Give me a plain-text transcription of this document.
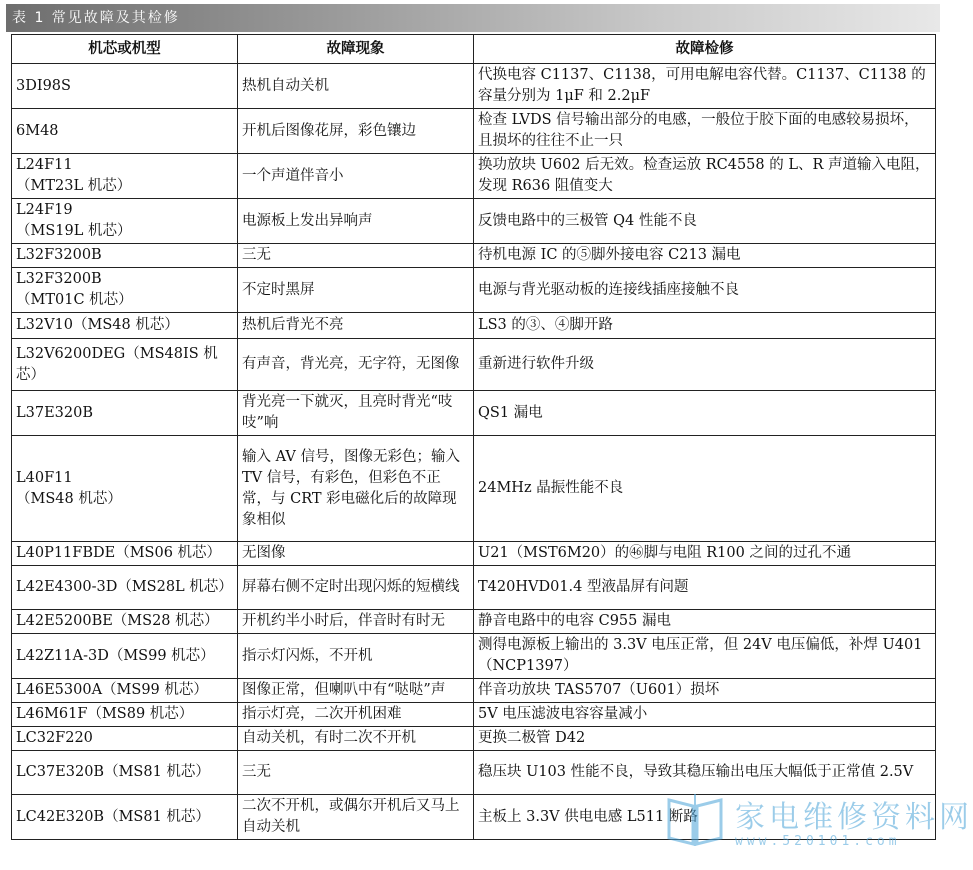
表 1 常见故障及其检修
机芯或机型	故障现象	故障检修
3DI98S	热机自动关机	代换电容 C1137、C1138，可用电解电容代替。C1137、C1138 的容量分别为 1μF 和 2.2μF
6M48	开机后图像花屏，彩色镶边	检查 LVDS 信号输出部分的电感，一般位于胶下面的电感较易损坏，且损坏的往往不止一只
L24F11
（MT23L 机芯）	一个声道伴音小	换功放块 U602 后无效。检查运放 RC4558 的 L、R 声道输入电阻，发现 R636 阻值变大
L24F19
（MS19L 机芯）	电源板上发出异响声	反馈电路中的三极管 Q4 性能不良
L32F3200B	三无	待机电源 IC 的⑤脚外接电容 C213 漏电
L32F3200B
（MT01C 机芯）	不定时黑屏	电源与背光驱动板的连接线插座接触不良
L32V10（MS48 机芯）	热机后背光不亮	LS3 的③、④脚开路
L32V6200DEG（MS48IS 机芯）	有声音，背光亮，无字符，无图像	重新进行软件升级
L37E320B	背光亮一下就灭，且亮时背光“吱吱”响	QS1 漏电
L40F11
（MS48 机芯）	输入 AV 信号，图像无彩色；输入 TV 信号，有彩色，但彩色不正常，与 CRT 彩电磁化后的故障现象相似	24MHz 晶振性能不良
L40P11FBDE（MS06 机芯）	无图像	U21（MST6M20）的㊻脚与电阻 R100 之间的过孔不通
L42E4300-3D（MS28L 机芯）	屏幕右侧不定时出现闪烁的短横线	T420HVD01.4 型液晶屏有问题
L42E5200BE（MS28 机芯）	开机约半小时后，伴音时有时无	静音电路中的电容 C955 漏电
L42Z11A-3D（MS99 机芯）	指示灯闪烁，不开机	测得电源板上输出的 3.3V 电压正常，但 24V 电压偏低，补焊 U401（NCP1397）
L46E5300A（MS99 机芯）	图像正常，但喇叭中有“哒哒”声	伴音功放块 TAS5707（U601）损坏
L46M61F（MS89 机芯）	指示灯亮，二次开机困难	5V 电压滤波电容容量减小
LC32F220	自动关机，有时二次不开机	更换二极管 D42
LC37E320B（MS81 机芯）	三无	稳压块 U103 性能不良，导致其稳压输出电压大幅低于正常值 2.5V
LC42E320B（MS81 机芯）	二次不开机，或偶尔开机后又马上自动关机	主板上 3.3V 供电电感 L511 断路 家电维修资料网
www.520101.com
